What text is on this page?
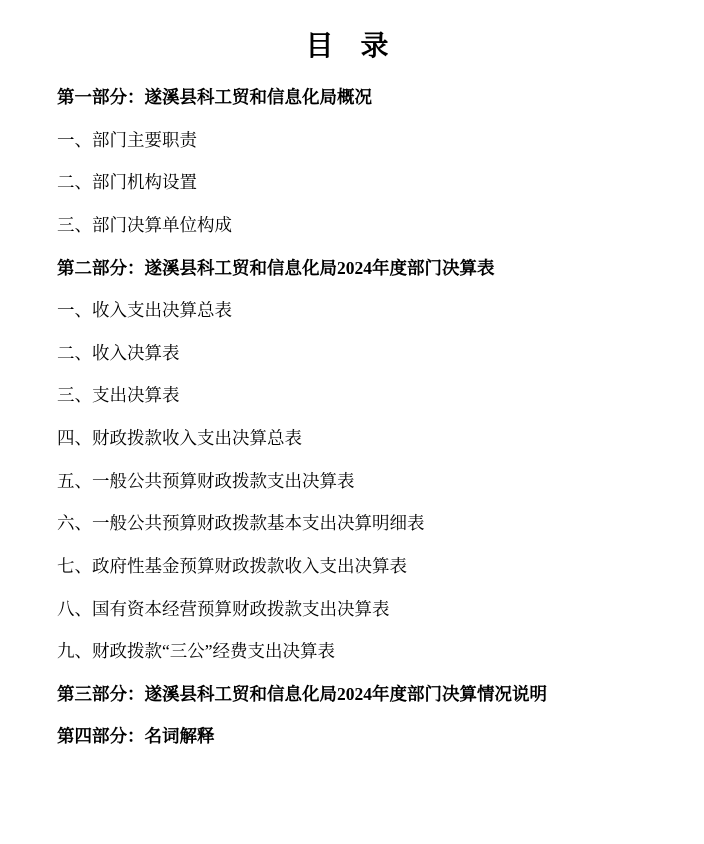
目 录
第一部分：遂溪县科工贸和信息化局概况
一、部门主要职责
二、部门机构设置
三、部门决算单位构成
第二部分：遂溪县科工贸和信息化局2024年度部门决算表
一、收入支出决算总表
二、收入决算表
三、支出决算表
四、财政拨款收入支出决算总表
五、一般公共预算财政拨款支出决算表
六、一般公共预算财政拨款基本支出决算明细表
七、政府性基金预算财政拨款收入支出决算表
八、国有资本经营预算财政拨款支出决算表
九、财政拨款“三公”经费支出决算表
第三部分：遂溪县科工贸和信息化局2024年度部门决算情况说明
第四部分：名词解释
